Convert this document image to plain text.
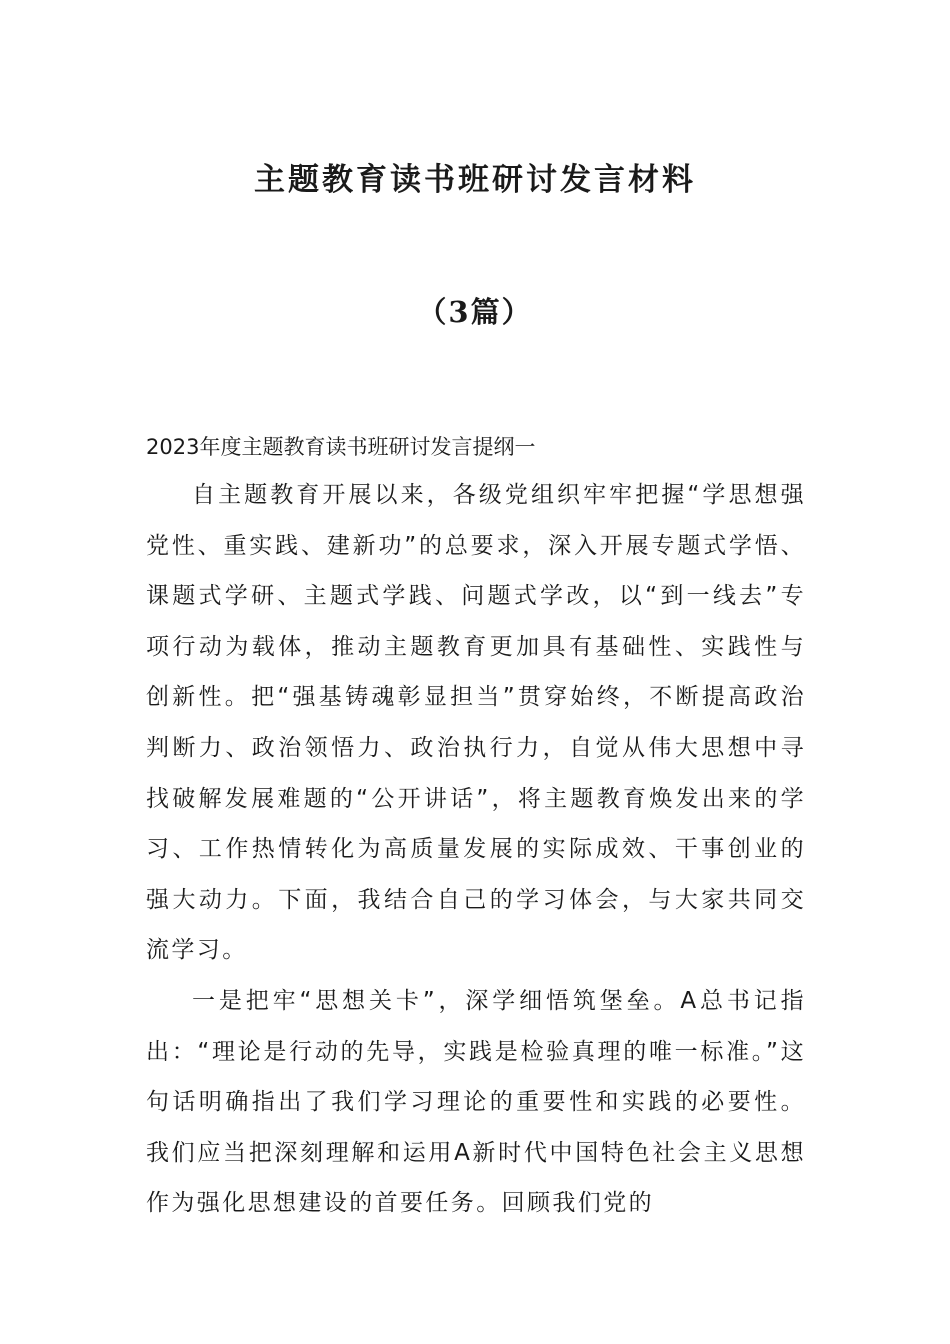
主题教育读书班研讨发言材料
（3篇）

2023年度主题教育读书班研讨发言提纲一

自主题教育开展以来，各级党组织牢牢把握“学思想强党性、重实践、建新功”的总要求，深入开展专题式学悟、课题式学研、主题式学践、问题式学改，以“到一线去”专项行动为载体，推动主题教育更加具有基础性、实践性与创新性。把“强基铸魂彰显担当”贯穿始终，不断提高政治判断力、政治领悟力、政治执行力，自觉从伟大思想中寻找破解发展难题的“公开讲话”，将主题教育焕发出来的学习、工作热情转化为高质量发展的实际成效、干事创业的强大动力。下面，我结合自己的学习体会，与大家共同交流学习。

一是把牢“思想关卡”，深学细悟筑堡垒。A总书记指出：“理论是行动的先导，实践是检验真理的唯一标准。”这句话明确指出了我们学习理论的重要性和实践的必要性。我们应当把深刻理解和运用A新时代中国特色社会主义思想作为强化思想建设的首要任务。回顾我们党的
